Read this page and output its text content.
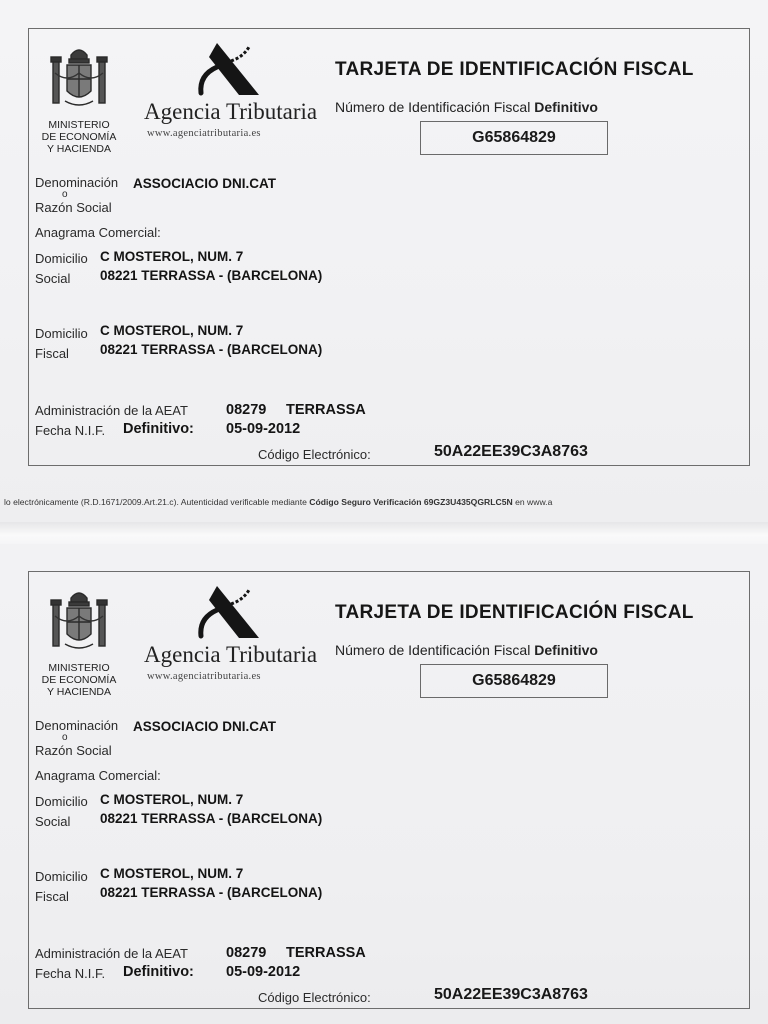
MINISTERIO
DE ECONOMÍA
Y HACIENDA
Agencia Tributaria
www.agenciatributaria.es
TARJETA DE IDENTIFICACIÓN FISCAL
Número de Identificación Fiscal Definitivo
G65864829
Denominación ASSOCIACIO DNI.CAT
o
Razón Social
Anagrama Comercial:
Domicilio
Social
C MOSTEROL, NUM. 7
08221 TERRASSA - (BARCELONA)
Domicilio
Fiscal
C MOSTEROL, NUM. 7
08221 TERRASSA - (BARCELONA)
Administración de la AEAT	08279 TERRASSA
Fecha N.I.F. Definitivo: 05-09-2012
Código Electrónico:	50A22EE39C3A8763
lo electrónicamente (R.D.1671/2009.Art.21.c). Autenticidad verificable mediante Código Seguro Verificación 69GZ3U435QGRLC5N en www.a
MINISTERIO
DE ECONOMÍA
Y HACIENDA
Agencia Tributaria
www.agenciatributaria.es
TARJETA DE IDENTIFICACIÓN FISCAL
Número de Identificación Fiscal Definitivo
G65864829
Denominación ASSOCIACIO DNI.CAT
o
Razón Social
Anagrama Comercial:
Domicilio
Social
C MOSTEROL, NUM. 7
08221 TERRASSA - (BARCELONA)
Domicilio
Fiscal
C MOSTEROL, NUM. 7
08221 TERRASSA - (BARCELONA)
Administración de la AEAT	08279 TERRASSA
Fecha N.I.F. Definitivo: 05-09-2012
Código Electrónico:	50A22EE39C3A8763
